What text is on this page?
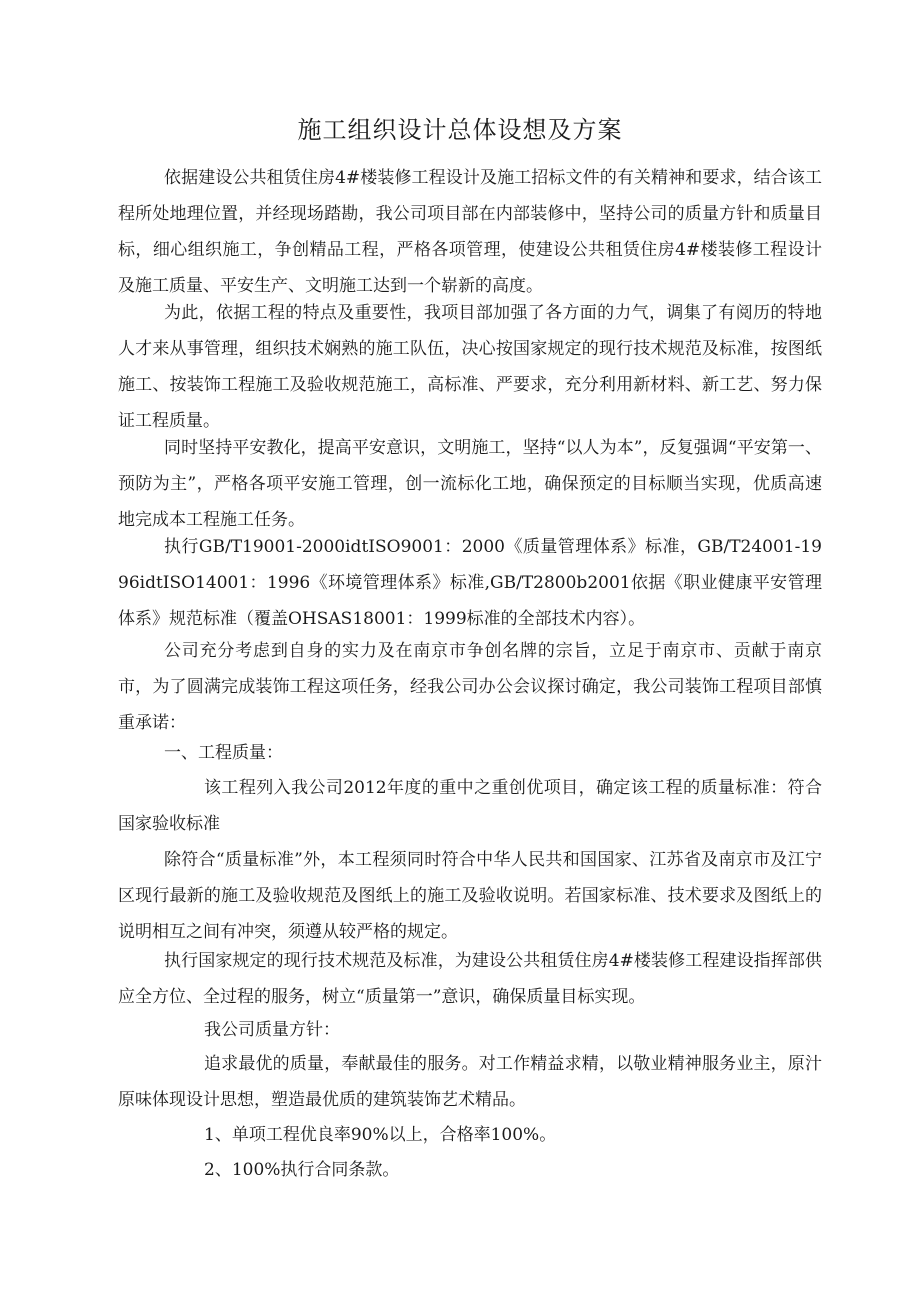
施工组织设计总体设想及方案

依据建设公共租赁住房4#楼装修工程设计及施工招标文件的有关精神和要求，结合该工程所处地理位置，并经现场踏勘，我公司项目部在内部装修中，坚持公司的质量方针和质量目标，细心组织施工，争创精品工程，严格各项管理，使建设公共租赁住房4#楼装修工程设计及施工质量、平安生产、文明施工达到一个崭新的高度。

为此，依据工程的特点及重要性，我项目部加强了各方面的力气，调集了有阅历的特地人才来从事管理，组织技术娴熟的施工队伍，决心按国家规定的现行技术规范及标准，按图纸施工、按装饰工程施工及验收规范施工，高标准、严要求，充分利用新材料、新工艺、努力保证工程质量。

同时坚持平安教化，提高平安意识，文明施工，坚持“以人为本”，反复强调“平安第一、预防为主”，严格各项平安施工管理，创一流标化工地，确保预定的目标顺当实现，优质高速地完成本工程施工任务。

执行GB/T19001-2000idtISO9001：2000《质量管理体系》标准，GB/T24001-1996idtISO14001：1996《环境管理体系》标准,GB/T2800b2001依据《职业健康平安管理体系》规范标准（覆盖OHSAS18001：1999标准的全部技术内容）。

公司充分考虑到自身的实力及在南京市争创名牌的宗旨，立足于南京市、贡献于南京市，为了圆满完成装饰工程这项任务，经我公司办公会议探讨确定，我公司装饰工程项目部慎重承诺：

一、工程质量：

该工程列入我公司2012年度的重中之重创优项目，确定该工程的质量标准：符合国家验收标准

除符合“质量标准”外，本工程须同时符合中华人民共和国国家、江苏省及南京市及江宁区现行最新的施工及验收规范及图纸上的施工及验收说明。若国家标准、技术要求及图纸上的说明相互之间有冲突，须遵从较严格的规定。

执行国家规定的现行技术规范及标准，为建设公共租赁住房4#楼装修工程建设指挥部供应全方位、全过程的服务，树立“质量第一”意识，确保质量目标实现。

我公司质量方针：

追求最优的质量，奉献最佳的服务。对工作精益求精，以敬业精神服务业主，原汁原味体现设计思想，塑造最优质的建筑装饰艺术精品。

1、单项工程优良率90%以上，合格率100%。

2、100%执行合同条款。
